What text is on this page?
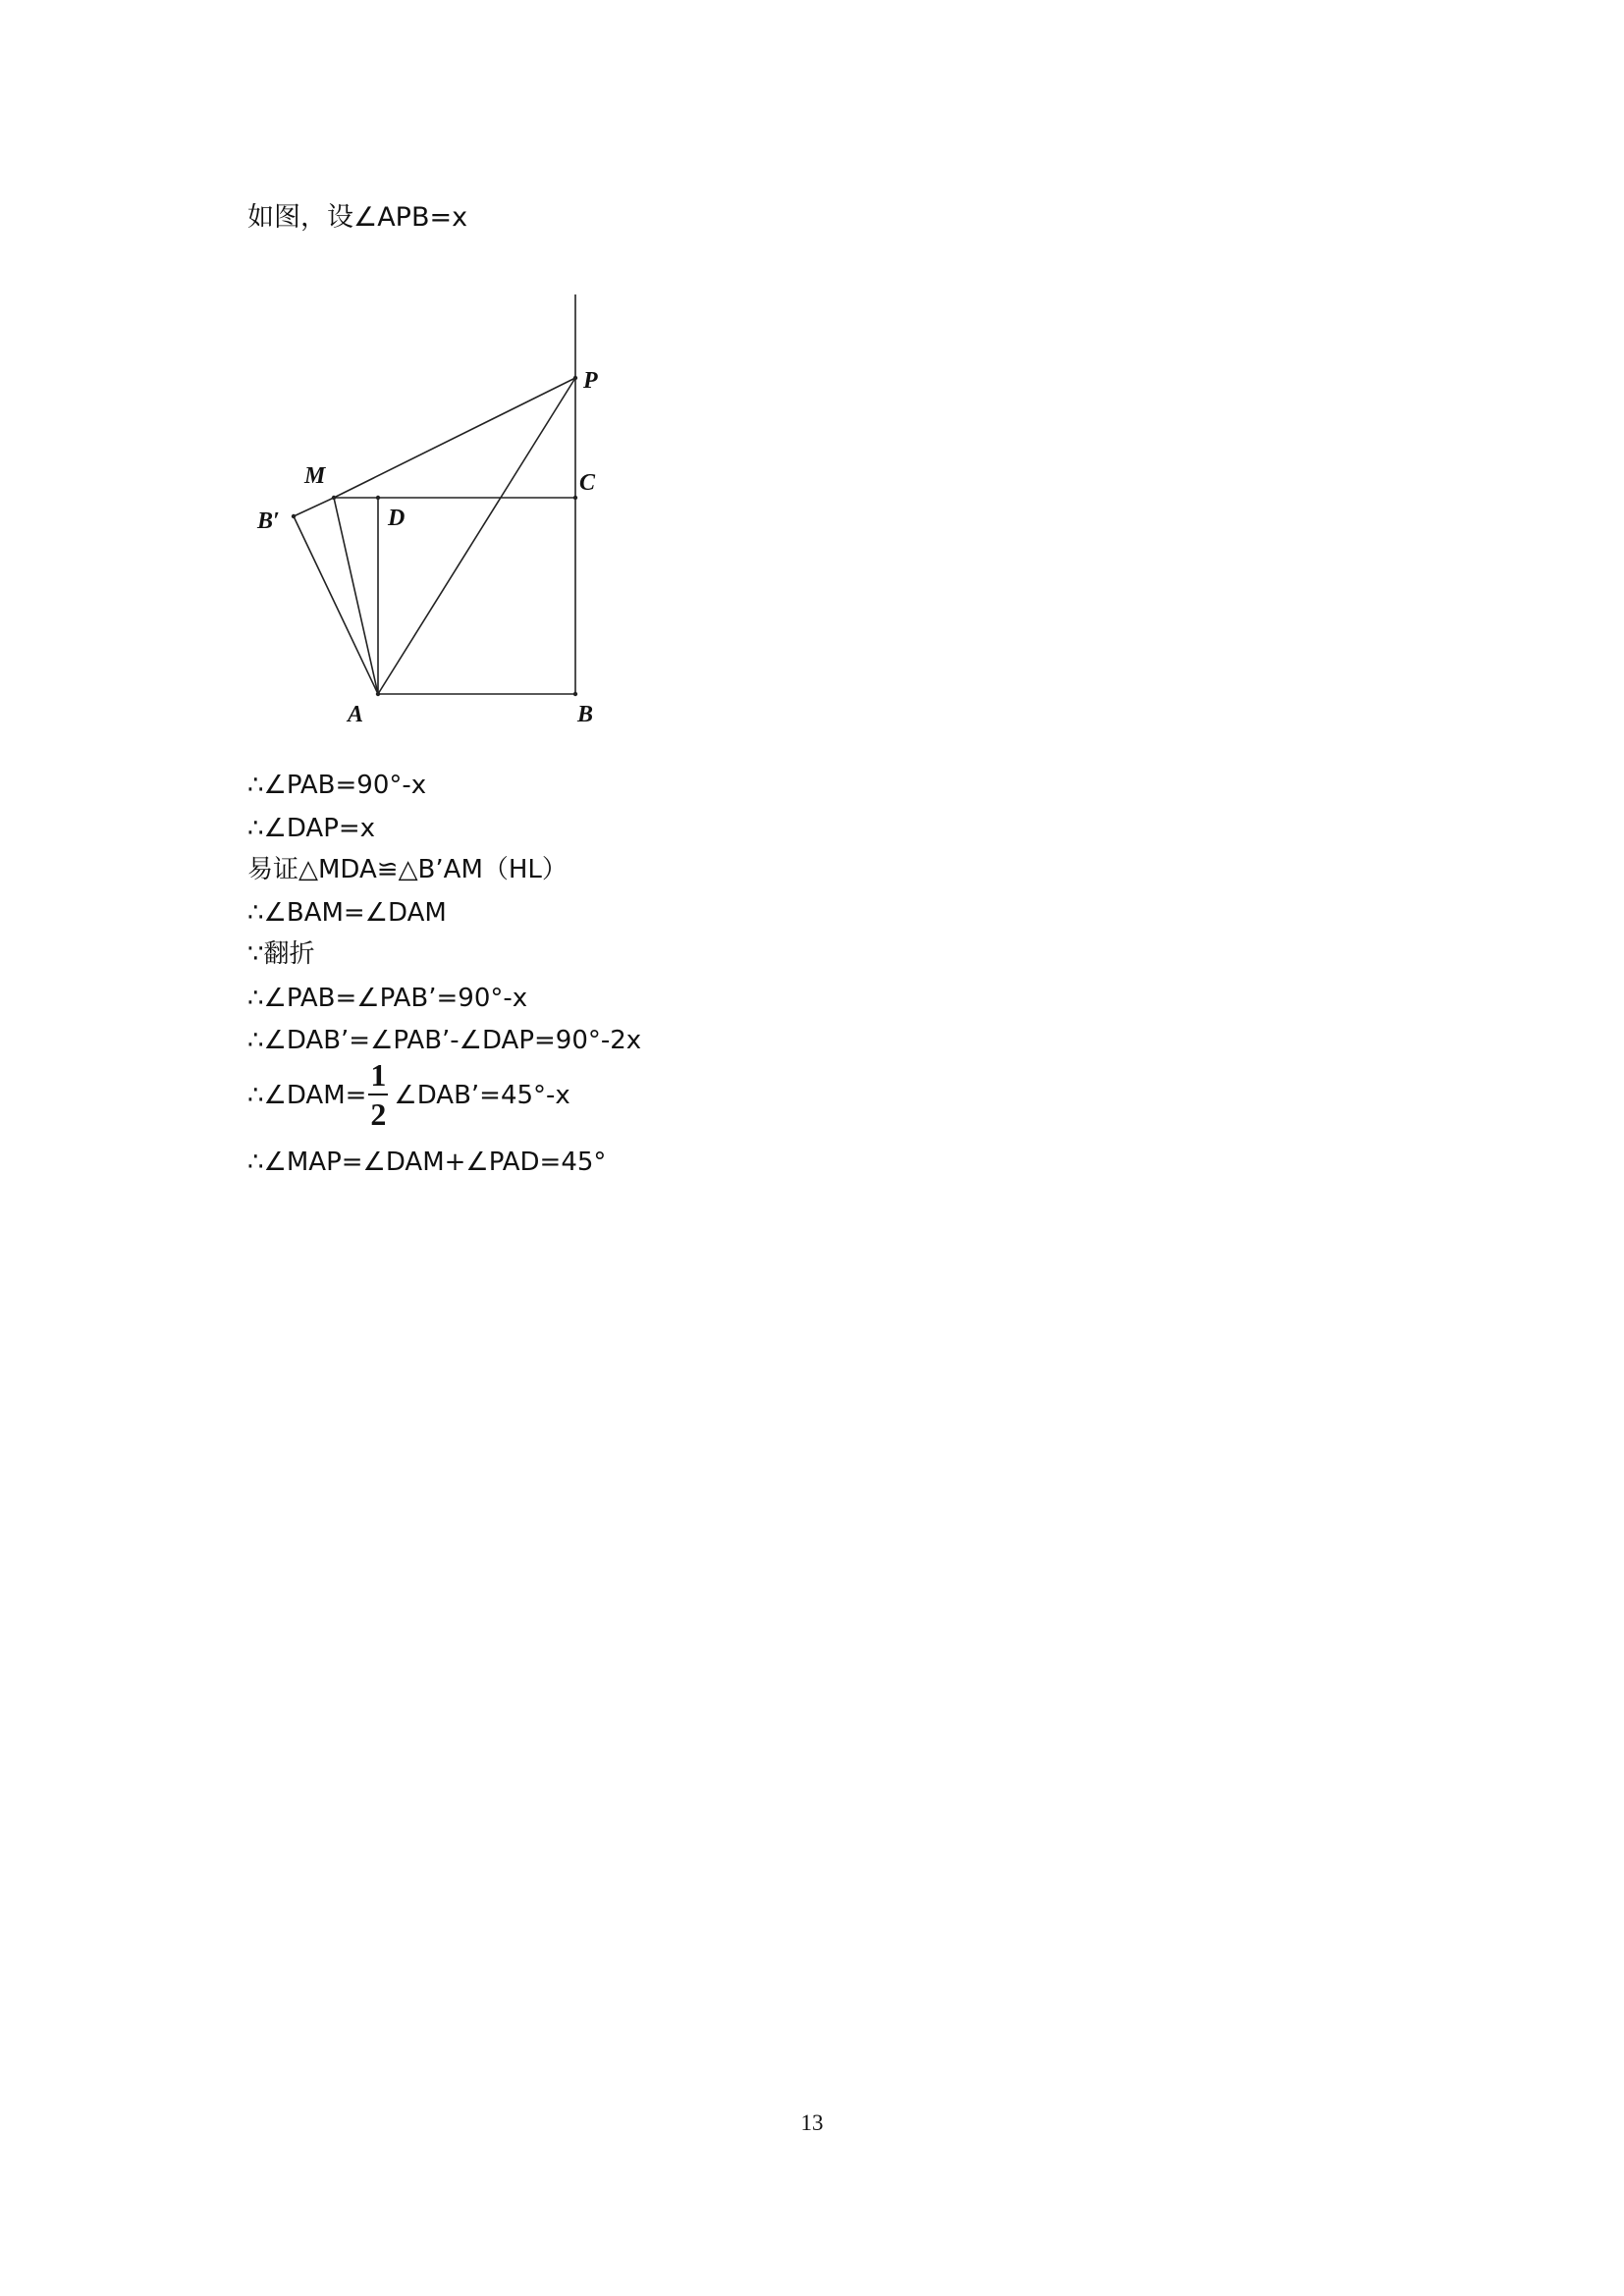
如图，设∠APB=x
P
M	C
B′	D
A	B
∴∠PAB=90°-x
∴∠DAP=x
易证△MDA≌△B’AM（HL）
∴∠BAM=∠DAM
∵翻折
∴∠PAB=∠PAB’=90°-x
∴∠DAB’=∠PAB’-∠DAP=90°-2x
∴∠DAM= $\frac{1}{2}$ ∠DAB’=45°-x
∴∠MAP=∠DAM+∠PAD=45°
13
